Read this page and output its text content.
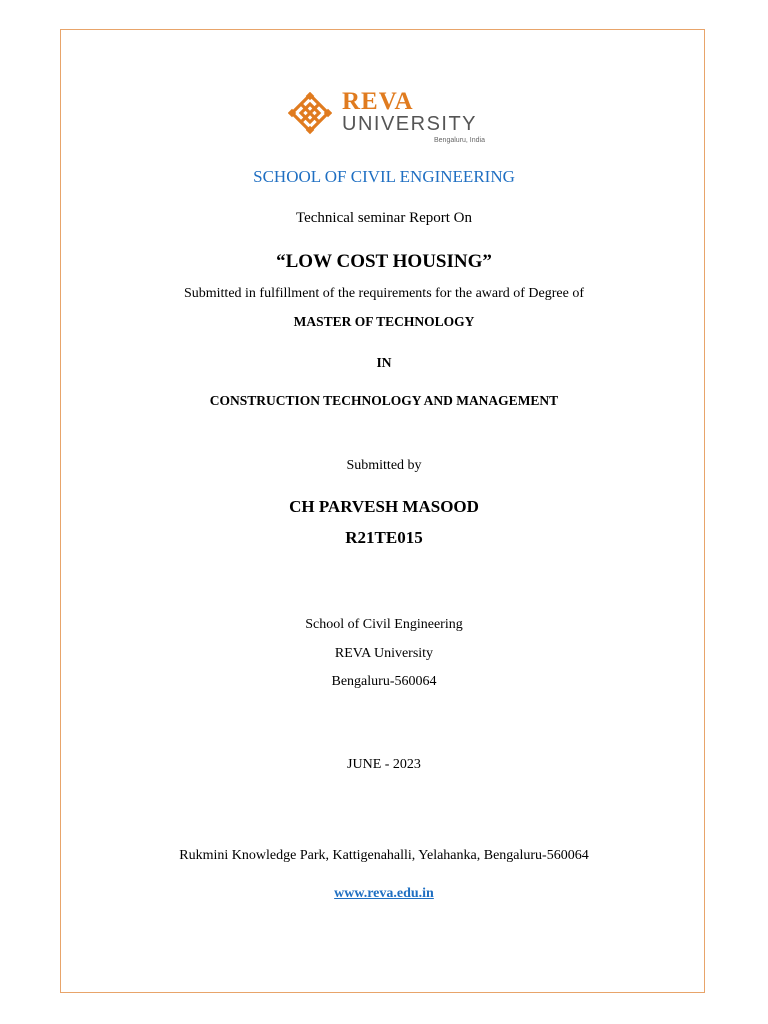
REVA
UNIVERSITY
Bengaluru, India
SCHOOL OF CIVIL ENGINEERING
Technical seminar Report On
“LOW COST HOUSING”
Submitted in fulfillment of the requirements for the award of Degree of
MASTER OF TECHNOLOGY
IN
CONSTRUCTION TECHNOLOGY AND MANAGEMENT
Submitted by
CH PARVESH MASOOD
R21TE015
School of Civil Engineering
REVA University
Bengaluru-560064
JUNE - 2023
Rukmini Knowledge Park, Kattigenahalli, Yelahanka, Bengaluru-560064
www.reva.edu.in
